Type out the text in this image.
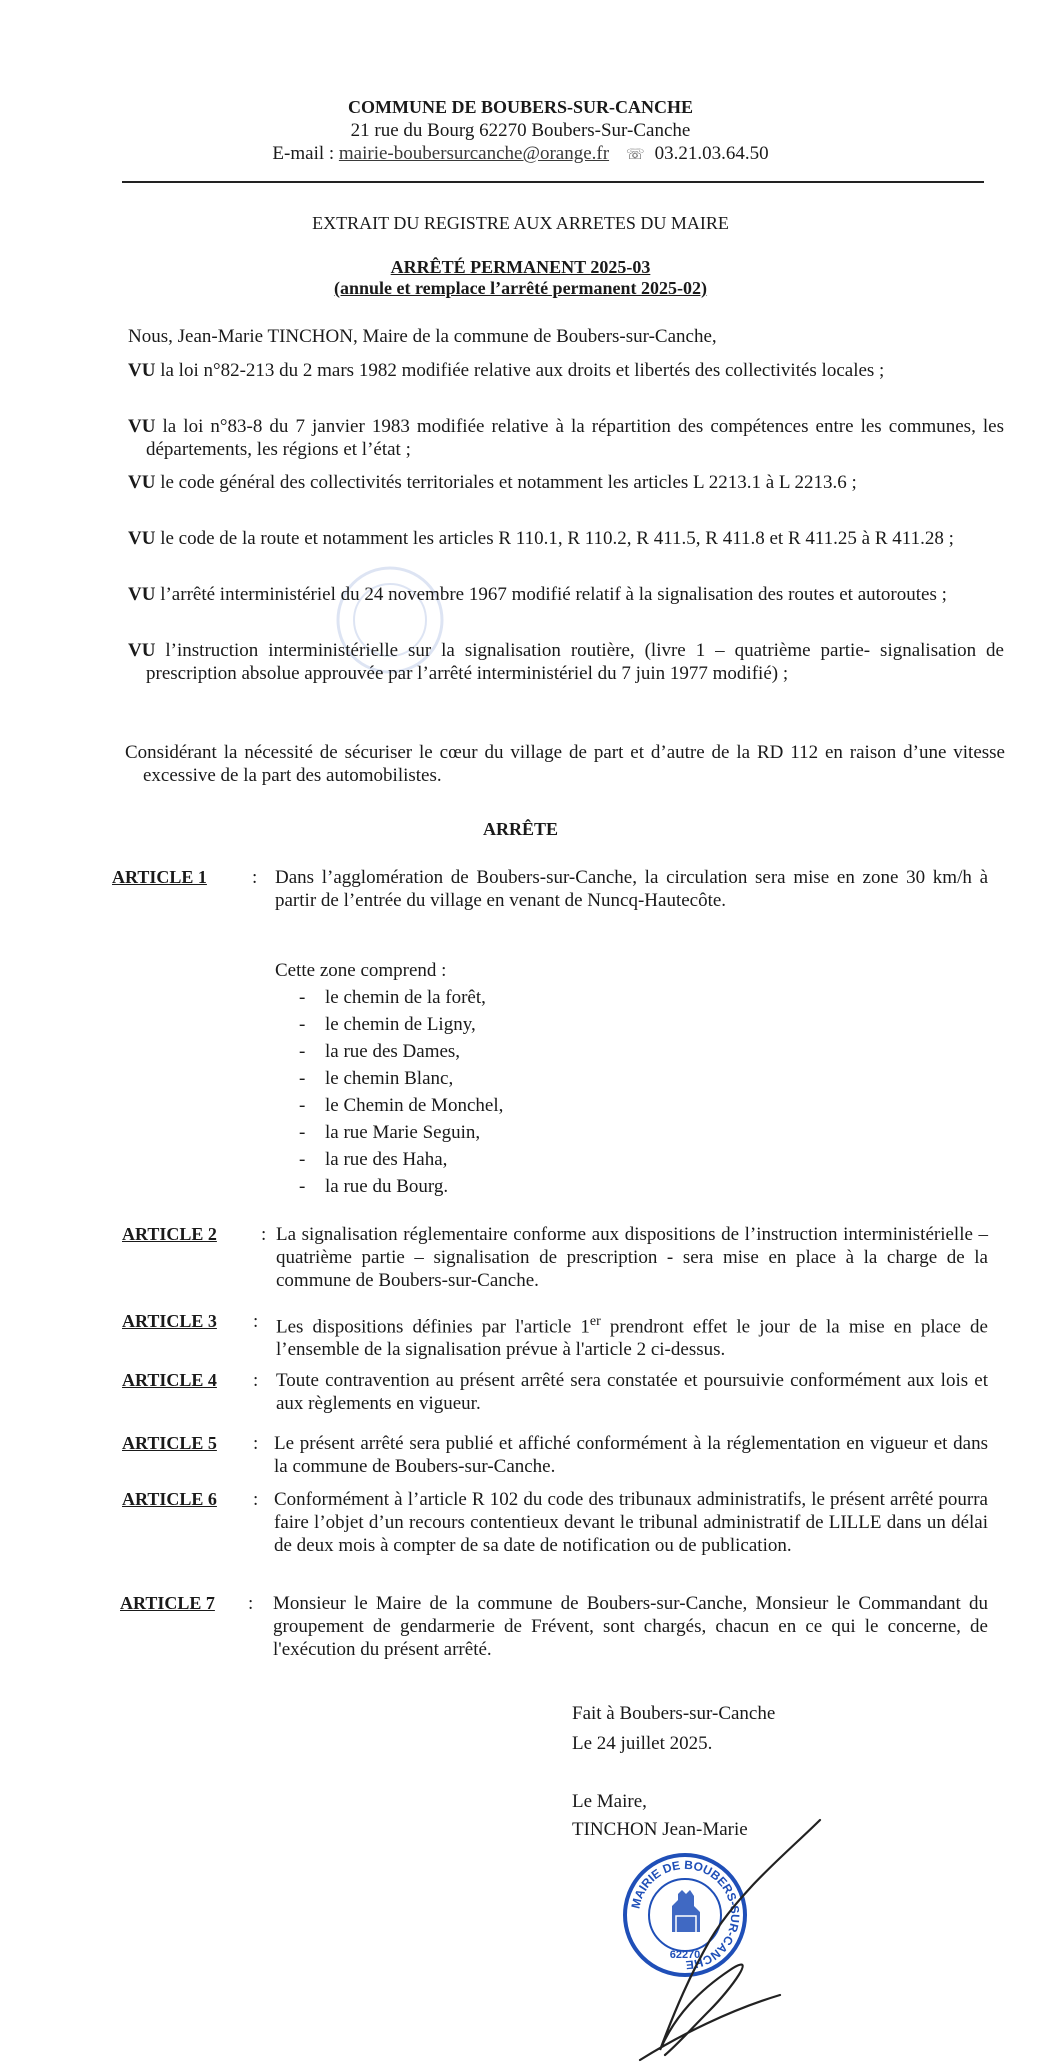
COMMUNE DE BOUBERS-SUR-CANCHE
21 rue du Bourg 62270 Boubers-Sur-Canche
E-mail : mairie-boubersurcanche@orange.fr ☏ 03.21.03.64.50
EXTRAIT DU REGISTRE AUX ARRETES DU MAIRE
ARRÊTÉ PERMANENT 2025-03
(annule et remplace l’arrêté permanent 2025-02)
Nous, Jean-Marie TINCHON, Maire de la commune de Boubers-sur-Canche,
VU la loi n°82-213 du 2 mars 1982 modifiée relative aux droits et libertés des collectivités locales ;
VU la loi n°83-8 du 7 janvier 1983 modifiée relative à la répartition des compétences entre les communes, les départements, les régions et l’état ;
VU le code général des collectivités territoriales et notamment les articles L 2213.1 à L 2213.6 ;
VU le code de la route et notamment les articles R 110.1, R 110.2, R 411.5, R 411.8 et R 411.25 à R 411.28 ;
VU l’arrêté interministériel du 24 novembre 1967 modifié relatif à la signalisation des routes et autoroutes ;
VU l’instruction interministérielle sur la signalisation routière, (livre 1 – quatrième partie- signalisation de prescription absolue approuvée par l’arrêté interministériel du 7 juin 1977 modifié) ;
Considérant la nécessité de sécuriser le cœur du village de part et d’autre de la RD 112 en raison d’une vitesse excessive de la part des automobilistes.
ARRÊTE
ARTICLE 1 : Dans l’agglomération de Boubers-sur-Canche, la circulation sera mise en zone 30 km/h à partir de l’entrée du village en venant de Nuncq-Hautecôte.
Cette zone comprend :
- le chemin de la forêt,
- le chemin de Ligny,
- la rue des Dames,
- le chemin Blanc,
- le Chemin de Monchel,
- la rue Marie Seguin,
- la rue des Haha,
- la rue du Bourg.
ARTICLE 2 : La signalisation réglementaire conforme aux dispositions de l’instruction interministérielle – quatrième partie – signalisation de prescription - sera mise en place à la charge de la commune de Boubers-sur-Canche.
ARTICLE 3 : Les dispositions définies par l'article 1er prendront effet le jour de la mise en place de l’ensemble de la signalisation prévue à l'article 2 ci-dessus.
ARTICLE 4 : Toute contravention au présent arrêté sera constatée et poursuivie conformément aux lois et aux règlements en vigueur.
ARTICLE 5 : Le présent arrêté sera publié et affiché conformément à la réglementation en vigueur et dans la commune de Boubers-sur-Canche.
ARTICLE 6 : Conformément à l’article R 102 du code des tribunaux administratifs, le présent arrêté pourra faire l’objet d’un recours contentieux devant le tribunal administratif de LILLE dans un délai de deux mois à compter de sa date de notification ou de publication.
ARTICLE 7 : Monsieur le Maire de la commune de Boubers-sur-Canche, Monsieur le Commandant du groupement de gendarmerie de Frévent, sont chargés, chacun en ce qui le concerne, de l'exécution du présent arrêté.
Fait à Boubers-sur-Canche
Le 24 juillet 2025.
Le Maire,
TINCHON Jean-Marie
MAIRIE DE BOUBERS-SUR-CANCHE
62270
